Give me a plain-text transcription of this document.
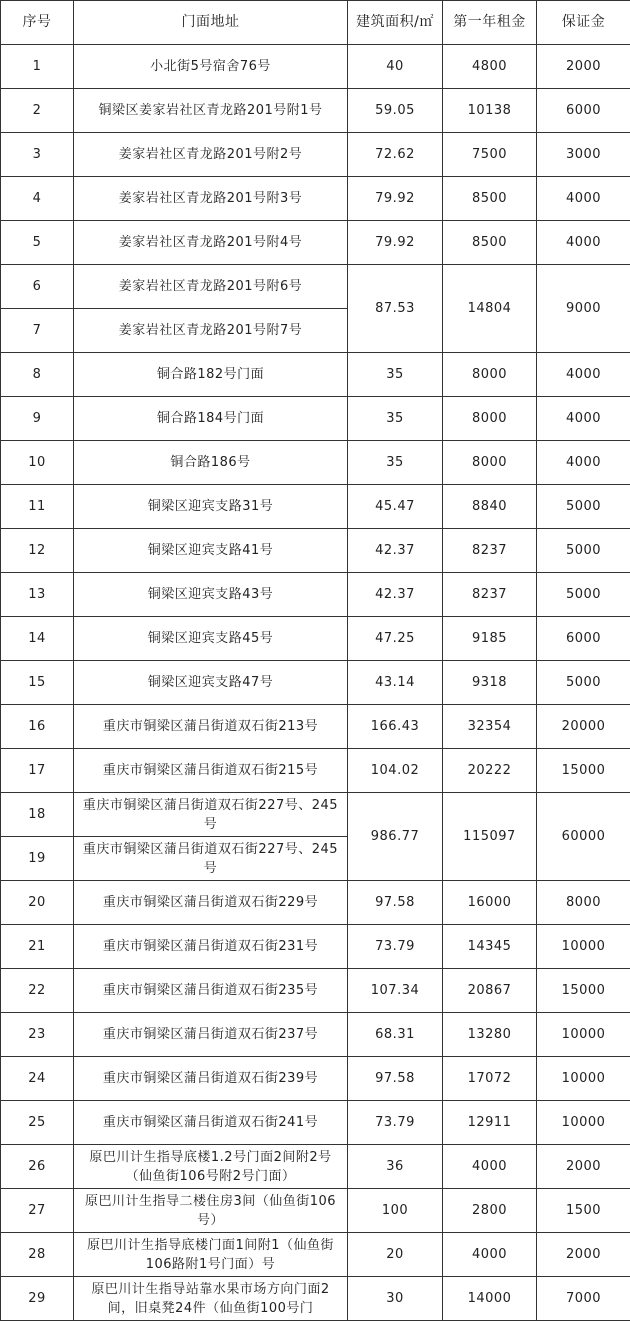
序号	门面地址	建筑面积/㎡	第一年租金	保证金
1	小北街5号宿舍76号	40	4800	2000
2	铜梁区姜家岩社区青龙路201号附1号	59.05	10138	6000
3	姜家岩社区青龙路201号附2号	72.62	7500	3000
4	姜家岩社区青龙路201号附3号	79.92	8500	4000
5	姜家岩社区青龙路201号附4号	79.92	8500	4000
6	姜家岩社区青龙路201号附6号	87.53	14804	9000
7	姜家岩社区青龙路201号附7号			
8	铜合路182号门面	35	8000	4000
9	铜合路184号门面	35	8000	4000
10	铜合路186号	35	8000	4000
11	铜梁区迎宾支路31号	45.47	8840	5000
12	铜梁区迎宾支路41号	42.37	8237	5000
13	铜梁区迎宾支路43号	42.37	8237	5000
14	铜梁区迎宾支路45号	47.25	9185	6000
15	铜梁区迎宾支路47号	43.14	9318	5000
16	重庆市铜梁区蒲吕街道双石街213号	166.43	32354	20000
17	重庆市铜梁区蒲吕街道双石街215号	104.02	20222	15000
18	重庆市铜梁区蒲吕街道双石街227号、245号	986.77	115097	60000
19	重庆市铜梁区蒲吕街道双石街227号、245号			
20	重庆市铜梁区蒲吕街道双石街229号	97.58	16000	8000
21	重庆市铜梁区蒲吕街道双石街231号	73.79	14345	10000
22	重庆市铜梁区蒲吕街道双石街235号	107.34	20867	15000
23	重庆市铜梁区蒲吕街道双石街237号	68.31	13280	10000
24	重庆市铜梁区蒲吕街道双石街239号	97.58	17072	10000
25	重庆市铜梁区蒲吕街道双石街241号	73.79	12911	10000
26	原巴川计生指导底楼1.2号门面2间附2号（仙鱼街106号附2号门面）	36	4000	2000
27	原巴川计生指导二楼住房3间（仙鱼街106号）	100	2800	1500
28	原巴川计生指导底楼门面1间附1（仙鱼街106路附1号门面）号	20	4000	2000
29	原巴川计生指导站靠水果市场方向门面2间，旧桌凳24件（仙鱼街100号门	30	14000	7000
